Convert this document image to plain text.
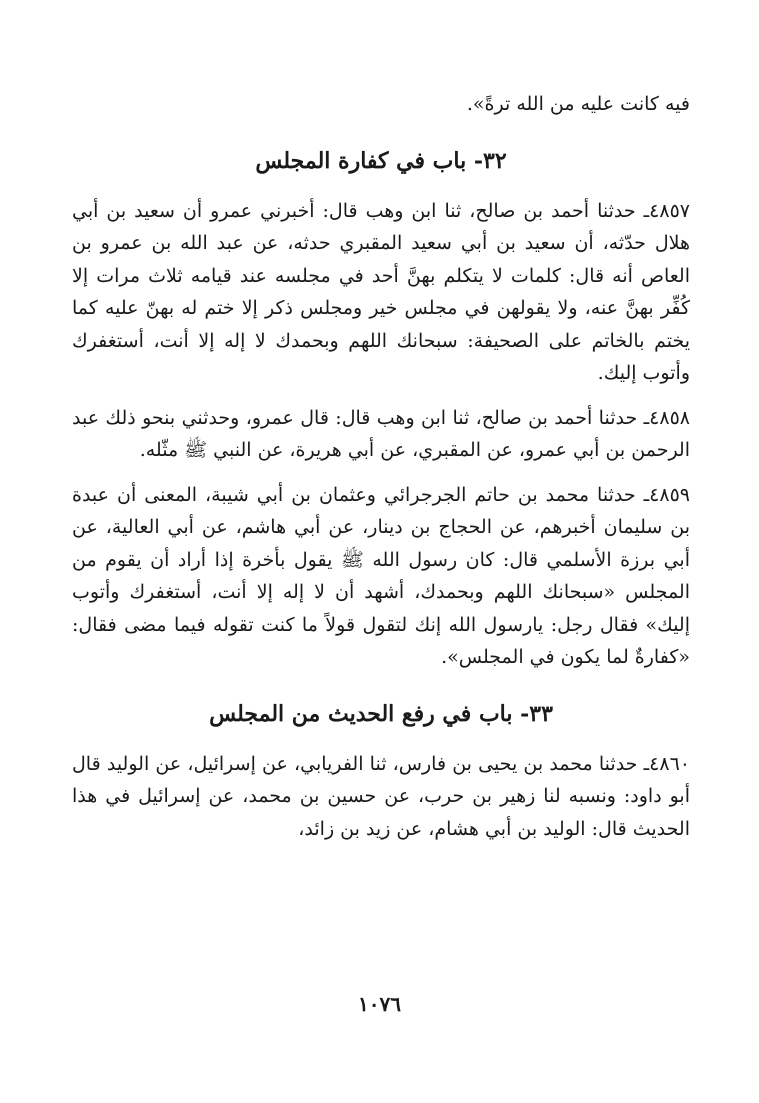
فيه كانت عليه من الله ترةً».
٣٢- باب في كفارة المجلس
٤٨٥٧ـ حدثنا أحمد بن صالح، ثنا ابن وهب قال: أخبرني عمرو أن سعيد بن أبي هلال حدّثه، أن سعيد بن أبي سعيد المقبري حدثه، عن عبد الله بن عمرو بن العاص أنه قال: كلمات لا يتكلم بهنَّ أحد في مجلسه عند قيامه ثلاث مرات إلا كُفِّر بهنَّ عنه، ولا يقولهن في مجلس خير ومجلس ذكر إلا ختم له بهنّ عليه كما يختم بالخاتم على الصحيفة: سبحانك اللهم وبحمدك لا إله إلا أنت، أستغفرك وأتوب إليك.
٤٨٥٨ـ حدثنا أحمد بن صالح، ثنا ابن وهب قال: قال عمرو، وحدثني بنحو ذلك عبد الرحمن بن أبي عمرو، عن المقبري، عن أبي هريرة، عن النبي ﷺ مثّله.
٤٨٥٩ـ حدثنا محمد بن حاتم الجرجرائي وعثمان بن أبي شيبة، المعنى أن عبدة بن سليمان أخبرهم، عن الحجاج بن دينار، عن أبي هاشم، عن أبي العالية، عن أبي برزة الأسلمي قال: كان رسول الله ﷺ يقول بأخرة إذا أراد أن يقوم من المجلس «سبحانك اللهم وبحمدك، أشهد أن لا إله إلا أنت، أستغفرك وأتوب إليك» فقال رجل: يارسول الله إنك لتقول قولاً ما كنت تقوله فيما مضى فقال: «كفارةٌ لما يكون في المجلس».
٣٣- باب في رفع الحديث من المجلس
٤٨٦٠ـ حدثنا محمد بن يحيى بن فارس، ثنا الفريابي، عن إسرائيل، عن الوليد قال أبو داود: ونسبه لنا زهير بن حرب، عن حسين بن محمد، عن إسرائيل في هذا الحديث قال: الوليد بن أبي هشام، عن زيد بن زائد،
١٠٧٦
